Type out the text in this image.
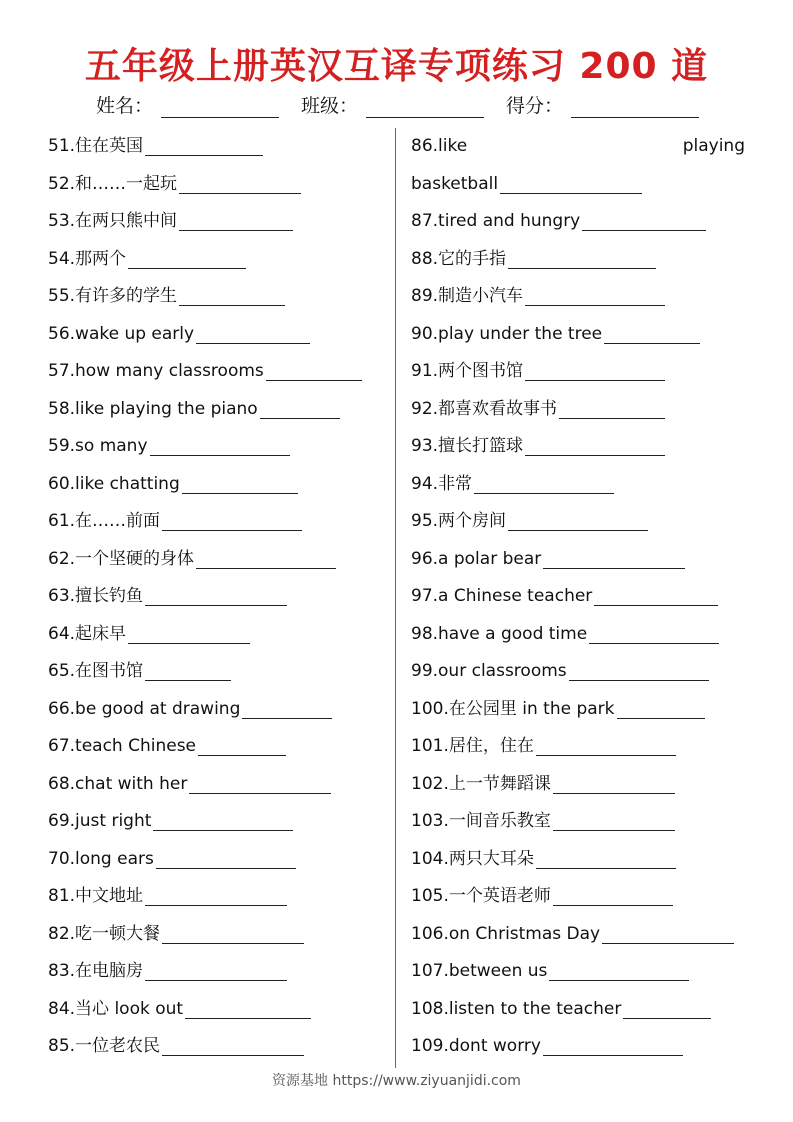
五年级上册英汉互译专项练习 200 道
姓名：	班级：	得分：
51.住在英国
52.和……一起玩
53.在两只熊中间
54.那两个
55.有许多的学生
56.wake up early
57.how many classrooms
58.like playing the piano
59.so many
60.like chatting
61.在……前面
62.一个坚硬的身体
63.擅长钓鱼
64.起床早
65.在图书馆
66.be good at drawing
67.teach Chinese
68.chat with her
69.just right
70.long ears
81.中文地址
82.吃一顿大餐
83.在电脑房
84.当心 look out
85.一位老农民
86.like	playing
basketball
87.tired and hungry
88.它的手指
89.制造小汽车
90.play under the tree
91.两个图书馆
92.都喜欢看故事书
93.擅长打篮球
94.非常
95.两个房间
96.a polar bear
97.a Chinese teacher
98.have a good time
99.our classrooms
100.在公园里 in the park
101.居住，住在
102.上一节舞蹈课
103.一间音乐教室
104.两只大耳朵
105.一个英语老师
106.on Christmas Day
107.between us
108.listen to the teacher
109.dont worry
资源基地 https://www.ziyuanjidi.com
